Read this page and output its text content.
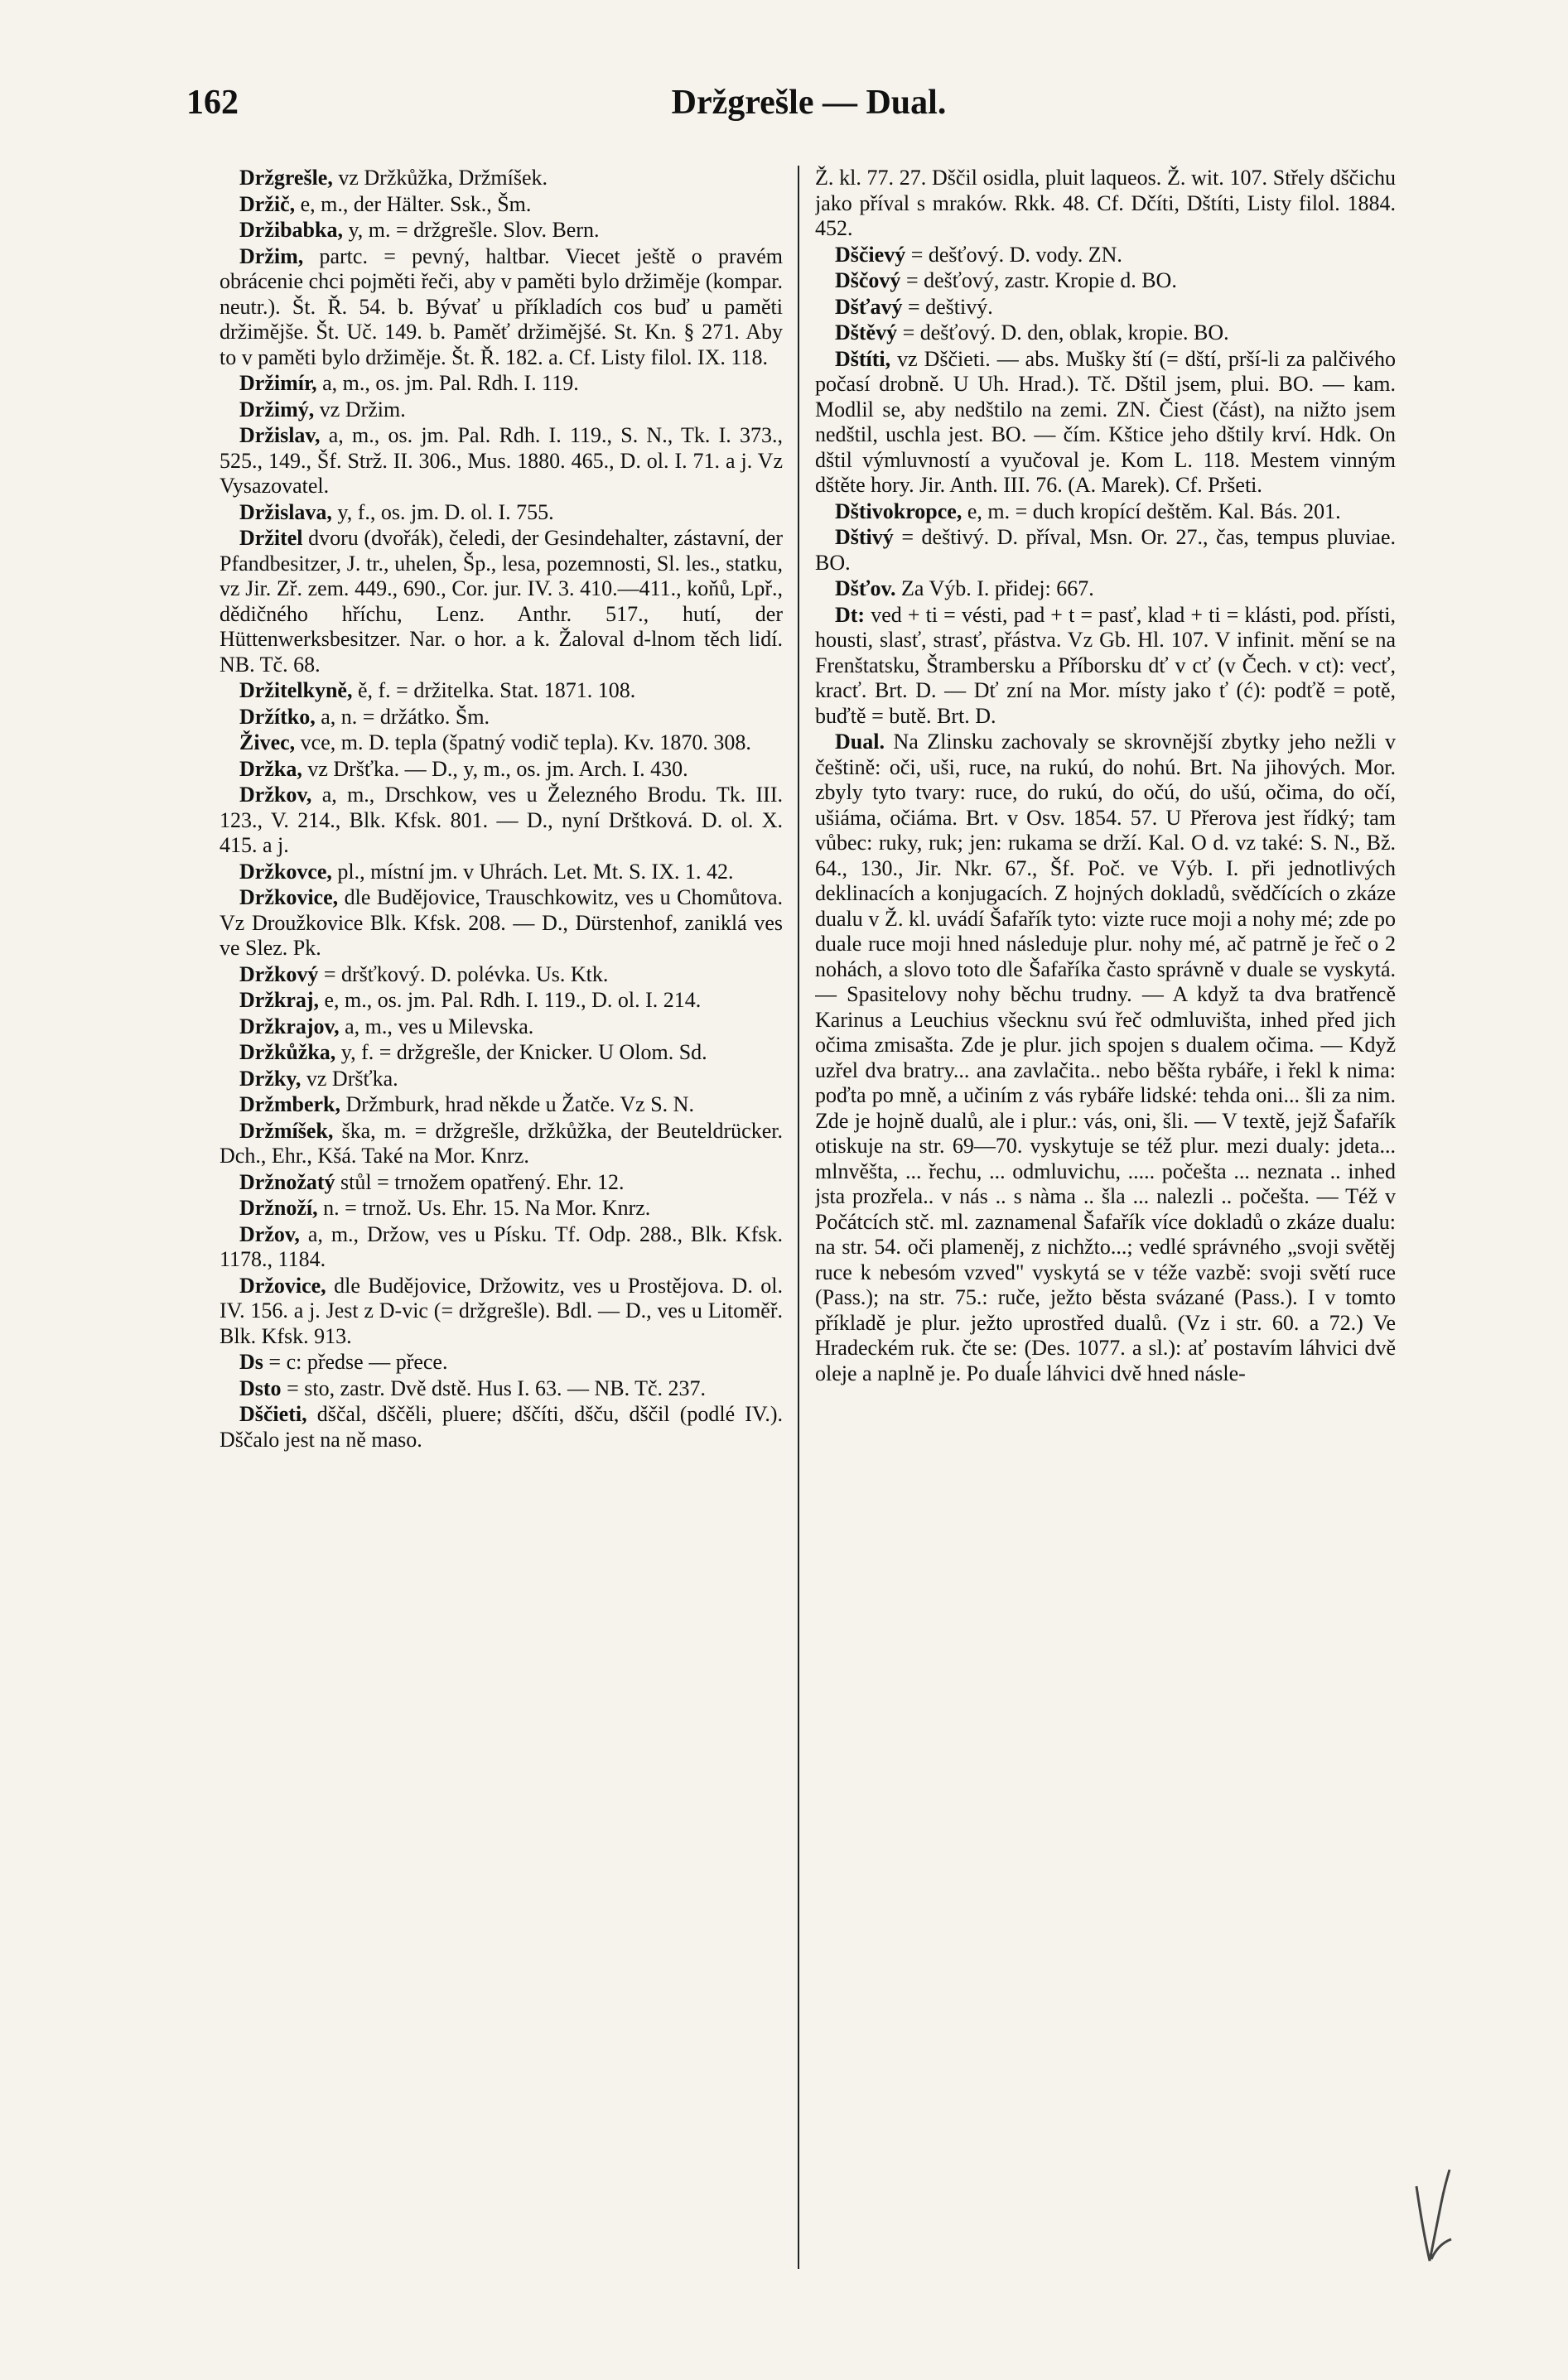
Držgrešle — Dual.
162

Držgrešle, vz Držkůžka, Držmíšek.

Držič, e, m., der Hälter. Ssk., Šm.

Držibabka, y, m. = držgrešle. Slov. Bern.

Držim, partc. = pevný, haltbar. Viecet ještě o pravém obrácenie chci pojměti řeči, aby v paměti bylo držiměje (kompar. neutr.). Št. Ř. 54. b. Bývať u příkladích cos buď u paměti držimějše. Št. Uč. 149. b. Paměť držimějšé. St. Kn. § 271. Aby to v paměti bylo držiměje. Št. Ř. 182. a. Cf. Listy filol. IX. 118.

Držimír, a, m., os. jm. Pal. Rdh. I. 119.

Držimý, vz Držim.

Držislav, a, m., os. jm. Pal. Rdh. I. 119., S. N., Tk. I. 373., 525., 149., Šf. Strž. II. 306., Mus. 1880. 465., D. ol. I. 71. a j. Vz Vysazovatel.

Držislava, y, f., os. jm. D. ol. I. 755.

Držitel dvoru (dvořák), čeledi, der Gesindehalter, zástavní, der Pfandbesitzer, J. tr., uhelen, Šp., lesa, pozemnosti, Sl. les., statku, vz Jir. Zř. zem. 449., 690., Cor. jur. IV. 3. 410.—411., koňů, Lpř., dědičného hříchu, Lenz. Anthr. 517., hutí, der Hüttenwerksbesitzer. Nar. o hor. a k. Žaloval d-lnom těch lidí. NB. Tč. 68.

Držitelkyně, ě, f. = držitelka. Stat. 1871. 108.

Držítko, a, n. = držátko. Šm.

Živec, vce, m. D. tepla (špatný vodič tepla). Kv. 1870. 308.

Držka, vz Dršťka. — D., y, m., os. jm. Arch. I. 430.

Držkov, a, m., Drschkow, ves u Železného Brodu. Tk. III. 123., V. 214., Blk. Kfsk. 801. — D., nyní Drštková. D. ol. X. 415. a j.

Držkovce, pl., místní jm. v Uhrách. Let. Mt. S. IX. 1. 42.

Držkovice, dle Budějovice, Trauschkowitz, ves u Chomůtova. Vz Droužkovice Blk. Kfsk. 208. — D., Dürstenhof, zaniklá ves ve Slez. Pk.

Držkový = dršťkový. D. polévka. Us. Ktk.

Držkraj, e, m., os. jm. Pal. Rdh. I. 119., D. ol. I. 214.

Držkrajov, a, m., ves u Milevska.

Držkůžka, y, f. = držgrešle, der Knicker. U Olom. Sd.

Držky, vz Dršťka.

Držmberk, Držmburk, hrad někde u Žatče. Vz S. N.

Držmíšek, ška, m. = držgrešle, držkůžka, der Beuteldrücker. Dch., Ehr., Kšá. Také na Mor. Knrz.

Držnožatý stůl = trnožem opatřený. Ehr. 12.

Držnoží, n. = trnož. Us. Ehr. 15. Na Mor. Knrz.

Držov, a, m., Držow, ves u Písku. Tf. Odp. 288., Blk. Kfsk. 1178., 1184.

Držovice, dle Budějovice, Držowitz, ves u Prostějova. D. ol. IV. 156. a j. Jest z D-vic (= držgrešle). Bdl. — D., ves u Litoměř. Blk. Kfsk. 913.

Ds = c: předse — přece.

Dsto = sto, zastr. Dvě dstě. Hus I. 63. — NB. Tč. 237.

Dščieti, dščal, dščěli, pluere; dščíti, dšču, dščil (podlé IV.). Dščalo jest na ně maso.

Ž. kl. 77. 27. Dščil osidla, pluit laqueos. Ž. wit. 107. Střely dščichu jako příval s mraków. Rkk. 48. Cf. Dčíti, Dštíti, Listy filol. 1884. 452.

Dščievý = dešťový. D. vody. ZN.

Dščový = dešťový, zastr. Kropie d. BO.

Dšťavý = deštivý.

Dštěvý = dešťový. D. den, oblak, kropie. BO.

Dštíti, vz Dščieti. — abs. Mušky ští (= dští, prší-li za palčivého počasí drobně. U Uh. Hrad.). Tč. Dštil jsem, plui. BO. — kam. Modlil se, aby nedštilo na zemi. ZN. Čiest (část), na nižto jsem nedštil, uschla jest. BO. — čím. Kštice jeho dštily krví. Hdk. On dštil výmluvností a vyučoval je. Kom L. 118. Mestem vinným dštěte hory. Jir. Anth. III. 76. (A. Marek). Cf. Pršeti.

Dštivokropce, e, m. = duch kropící deštěm. Kal. Bás. 201.

Dštivý = deštivý. D. příval, Msn. Or. 27., čas, tempus pluviae. BO.

Dšťov. Za Výb. I. přidej: 667.

Dt: ved + ti = vésti, pad + t = pasť, klad + ti = klásti, pod. přísti, housti, slasť, strasť, přástva. Vz Gb. Hl. 107. V infinit. mění se na Frenštatsku, Štrambersku a Příborsku dť v cť (v Čech. v ct): vecť, kracť. Brt. D. — Dť zní na Mor. místy jako ť (ć): podťě = potě, buďtě = butě. Brt. D.

Dual. Na Zlinsku zachovaly se skrovnější zbytky jeho nežli v češtině: oči, uši, ruce, na rukú, do nohú. Brt. Na jihových. Mor. zbyly tyto tvary: ruce, do rukú, do očú, do ušú, očima, do očí, ušiáma, očiáma. Brt. v Osv. 1854. 57. U Přerova jest řídký; tam vůbec: ruky, ruk; jen: rukama se drží. Kal. O d. vz také: S. N., Bž. 64., 130., Jir. Nkr. 67., Šf. Poč. ve Výb. I. při jednotlivých deklinacích a konjugacích. Z hojných dokladů, svědčících o zkáze dualu v Ž. kl. uvádí Šafařík tyto: vizte ruce moji a nohy mé; zde po duale ruce moji hned následuje plur. nohy mé, ač patrně je řeč o 2 nohách, a slovo toto dle Šafaříka často správně v duale se vyskytá. — Spasitelovy nohy běchu trudny. — A když ta dva bratřencě Karinus a Leuchius všecknu svú řeč odmluvišta, inhed před jich očima zmisašta. Zde je plur. jich spojen s dualem očima. — Když uzřel dva bratry... ana zavlačita.. nebo běšta rybáře, i řekl k nima: poďta po mně, a učiním z vás rybáře lidské: tehda oni... šli za nim. Zde je hojně dualů, ale i plur.: vás, oni, šli. — V textě, jejž Šafařík otiskuje na str. 69—70. vyskytuje se též plur. mezi dualy: jdeta... mlnvěšta, ... řechu, ... odmluvichu, ..... počešta ... neznata .. inhed jsta prozřela.. v nás .. s nàma .. šla ... nalezli .. počešta. — Též v Počátcích stč. ml. zaznamenal Šafařík více dokladů o zkáze dualu: na str. 54. oči plameněj, z nichžto...; vedlé správného „svoji světěj ruce k nebesóm vzved" vyskytá se v téže vazbě: svoji světí ruce (Pass.); na str. 75.: ruče, ježto běsta svázané (Pass.). I v tomto příkladě je plur. ježto uprostřed dualů. (Vz i str. 60. a 72.) Ve Hradeckém ruk. čte se: (Des. 1077. a sl.): ať postavím láhvici dvě oleje a naplně je. Po duaĺe láhvici dvě hned násle-
